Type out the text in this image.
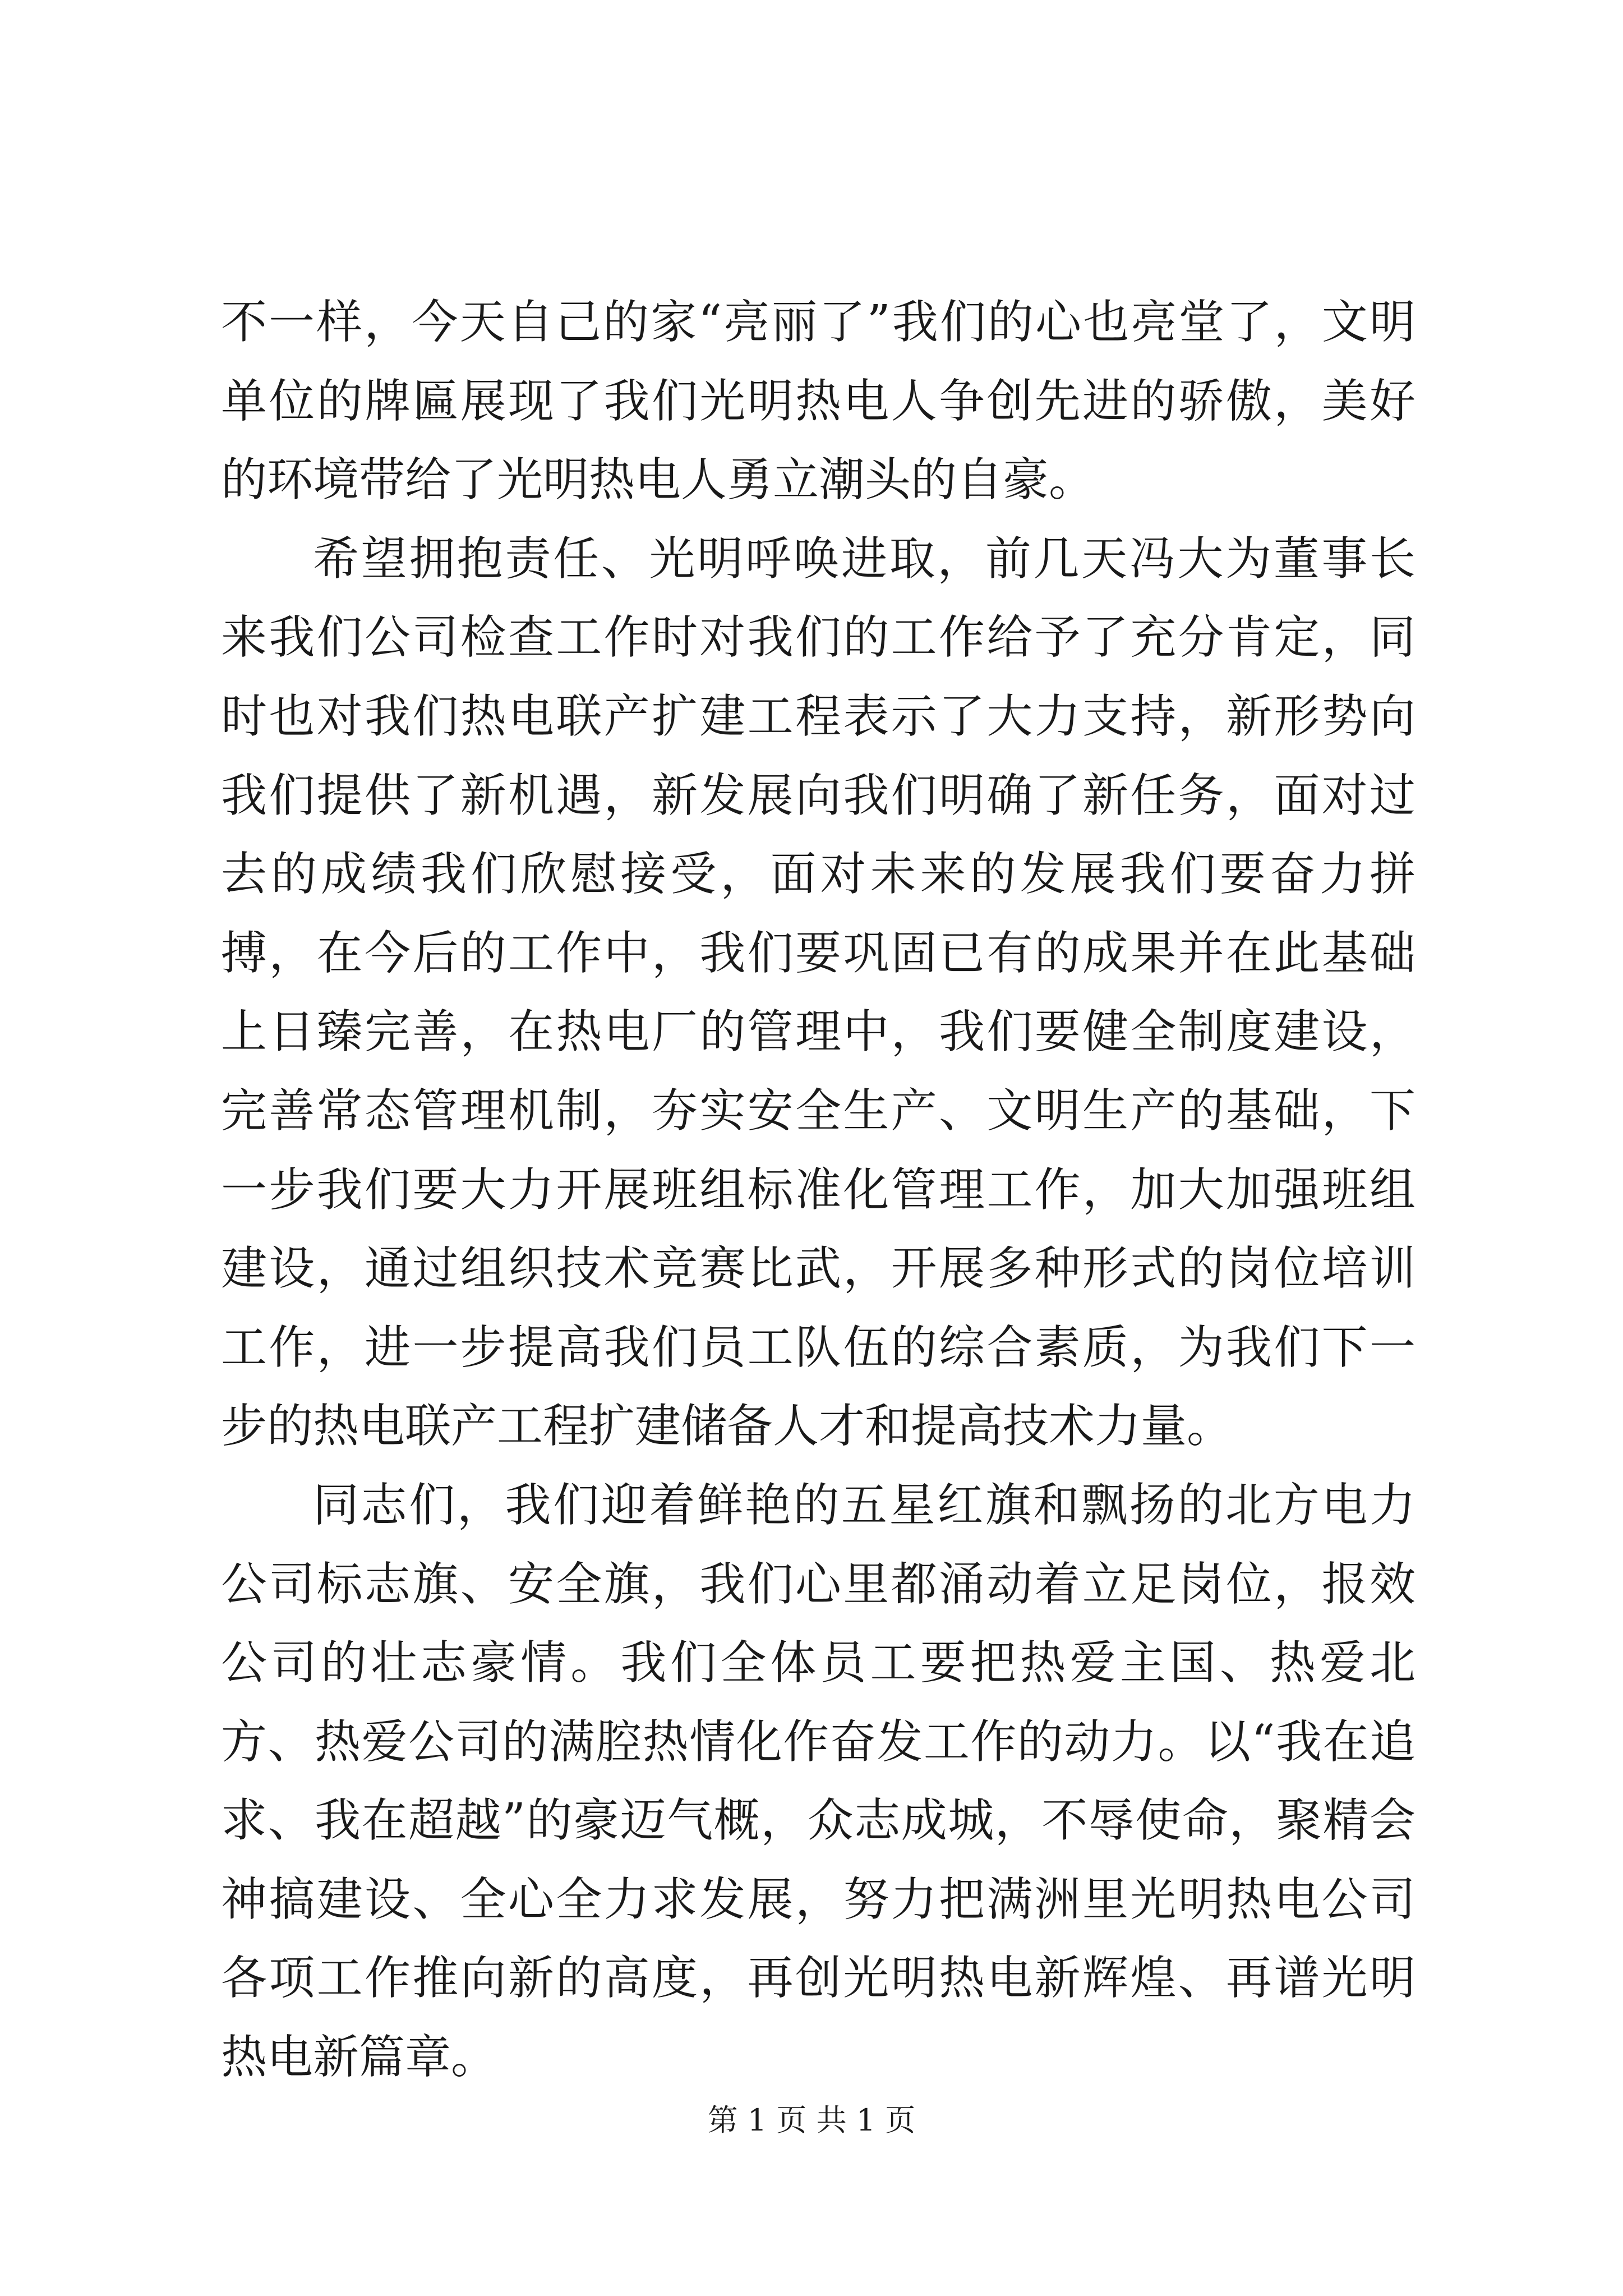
不一样，今天自己的家“亮丽了”我们的心也亮堂了，文明单位的牌匾展现了我们光明热电人争创先进的骄傲，美好的环境带给了光明热电人勇立潮头的自豪。

希望拥抱责任、光明呼唤进取，前几天冯大为董事长来我们公司检查工作时对我们的工作给予了充分肯定，同时也对我们热电联产扩建工程表示了大力支持，新形势向我们提供了新机遇，新发展向我们明确了新任务，面对过去的成绩我们欣慰接受，面对未来的发展我们要奋力拼搏，在今后的工作中，我们要巩固已有的成果并在此基础上日臻完善，在热电厂的管理中，我们要健全制度建设，完善常态管理机制，夯实安全生产、文明生产的基础，下一步我们要大力开展班组标准化管理工作，加大加强班组建设，通过组织技术竞赛比武，开展多种形式的岗位培训工作，进一步提高我们员工队伍的综合素质，为我们下一步的热电联产工程扩建储备人才和提高技术力量。

同志们，我们迎着鲜艳的五星红旗和飘扬的北方电力公司标志旗、安全旗，我们心里都涌动着立足岗位，报效公司的壮志豪情。我们全体员工要把热爱主国、热爱北方、热爱公司的满腔热情化作奋发工作的动力。以“我在追求、我在超越”的豪迈气概，众志成城，不辱使命，聚精会神搞建设、全心全力求发展，努力把满洲里光明热电公司各项工作推向新的高度，再创光明热电新辉煌、再谱光明热电新篇章。

第 1 页 共 1 页
